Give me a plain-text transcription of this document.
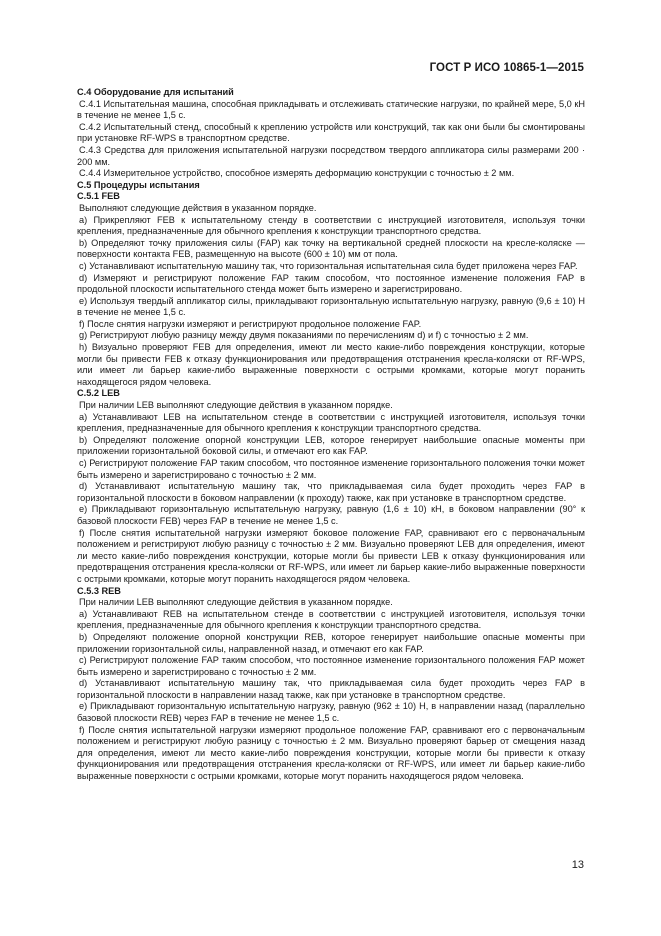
ГОСТ Р ИСО 10865-1—2015
С.4 Оборудование для испытаний

С.4.1 Испытательная машина, способная прикладывать и отслеживать статические нагрузки, по крайней мере, 5,0 кН в течение не менее 1,5 с.

С.4.2 Испытательный стенд, способный к креплению устройств или конструкций, так как они были бы смонтированы при установке RF-WPS в транспортном средстве.

С.4.3 Средства для приложения испытательной нагрузки посредством твердого аппликатора силы размерами 200 · 200 мм.

С.4.4 Измерительное устройство, способное измерять деформацию конструкции с точностью ± 2 мм.

С.5 Процедуры испытания
С.5.1 FEB

Выполняют следующие действия в указанном порядке.

a) Прикрепляют FEB к испытательному стенду в соответствии с инструкцией изготовителя, используя точки крепления, предназначенные для обычного крепления к конструкции транспортного средства.

b) Определяют точку приложения силы (FAP) как точку на вертикальной средней плоскости на кресле-коляске — поверхности контакта FEB, размещенную на высоте (600 ± 10) мм от пола.

c) Устанавливают испытательную машину так, что горизонтальная испытательная сила будет приложена через FAP.

d) Измеряют и регистрируют положение FAP таким способом, что постоянное изменение положения FAP в продольной плоскости испытательного стенда может быть измерено и зарегистрировано.

e) Используя твердый аппликатор силы, прикладывают горизонтальную испытательную нагрузку, равную (9,6 ± 10) Н в течение не менее 1,5 с.

f) После снятия нагрузки измеряют и регистрируют продольное положение FAP.

g) Регистрируют любую разницу между двумя показаниями по перечислениям d) и f) с точностью ± 2 мм.

h) Визуально проверяют FEB для определения, имеют ли место какие-либо повреждения конструкции, которые могли бы привести FEB к отказу функционирования или предотвращения отстранения кресла-коляски от RF-WPS, или имеет ли барьер какие-либо выраженные поверхности с острыми кромками, которые могут поранить находящегося рядом человека.

С.5.2 LEB

При наличии LEB выполняют следующие действия в указанном порядке.

a) Устанавливают LEB на испытательном стенде в соответствии с инструкцией изготовителя, используя точки крепления, предназначенные для обычного крепления к конструкции транспортного средства.

b) Определяют положение опорной конструкции LEB, которое генерирует наибольшие опасные моменты при приложении горизонтальной боковой силы, и отмечают его как FAP.

c) Регистрируют положение FAP таким способом, что постоянное изменение горизонтального положения точки может быть измерено и зарегистрировано с точностью ± 2 мм.

d) Устанавливают испытательную машину так, что прикладываемая сила будет проходить через FAP в горизонтальной плоскости в боковом направлении (к проходу) также, как при установке в транспортном средстве.

e) Прикладывают горизонтальную испытательную нагрузку, равную (1,6 ± 10) кН, в боковом направлении (90° к базовой плоскости FEB) через FAP в течение не менее 1,5 с.

f) После снятия испытательной нагрузки измеряют боковое положение FAP, сравнивают его с первоначальным положением и регистрируют любую разницу с точностью ± 2 мм. Визуально проверяют LEB для определения, имеют ли место какие-либо повреждения конструкции, которые могли бы привести LEB к отказу функционирования или предотвращения отстранения кресла-коляски от RF-WPS, или имеет ли барьер какие-либо выраженные поверхности с острыми кромками, которые могут поранить находящегося рядом человека.

С.5.3 REB

При наличии LEB выполняют следующие действия в указанном порядке.

a) Устанавливают REB на испытательном стенде в соответствии с инструкцией изготовителя, используя точки крепления, предназначенные для обычного крепления к конструкции транспортного средства.

b) Определяют положение опорной конструкции REB, которое генерирует наибольшие опасные моменты при приложении горизонтальной силы, направленной назад, и отмечают его как FAP.

c) Регистрируют положение FAP таким способом, что постоянное изменение горизонтального положения FAP может быть измерено и зарегистрировано с точностью ± 2 мм.

d) Устанавливают испытательную машину так, что прикладываемая сила будет проходить через FAP в горизонтальной плоскости в направлении назад также, как при установке в транспортном средстве.

e) Прикладывают горизонтальную испытательную нагрузку, равную (962 ± 10) Н, в направлении назад (параллельно базовой плоскости REB) через FAP в течение не менее 1,5 с.

f) После снятия испытательной нагрузки измеряют продольное положение FAP, сравнивают его с первоначальным положением и регистрируют любую разницу с точностью ± 2 мм. Визуально проверяют барьер от смещения назад для определения, имеют ли место какие-либо повреждения конструкции, которые могли бы привести к отказу функционирования или предотвращения отстранения кресла-коляски от RF-WPS, или имеет ли барьер какие-либо выраженные поверхности с острыми кромками, которые могут поранить находящегося рядом человека.

13
